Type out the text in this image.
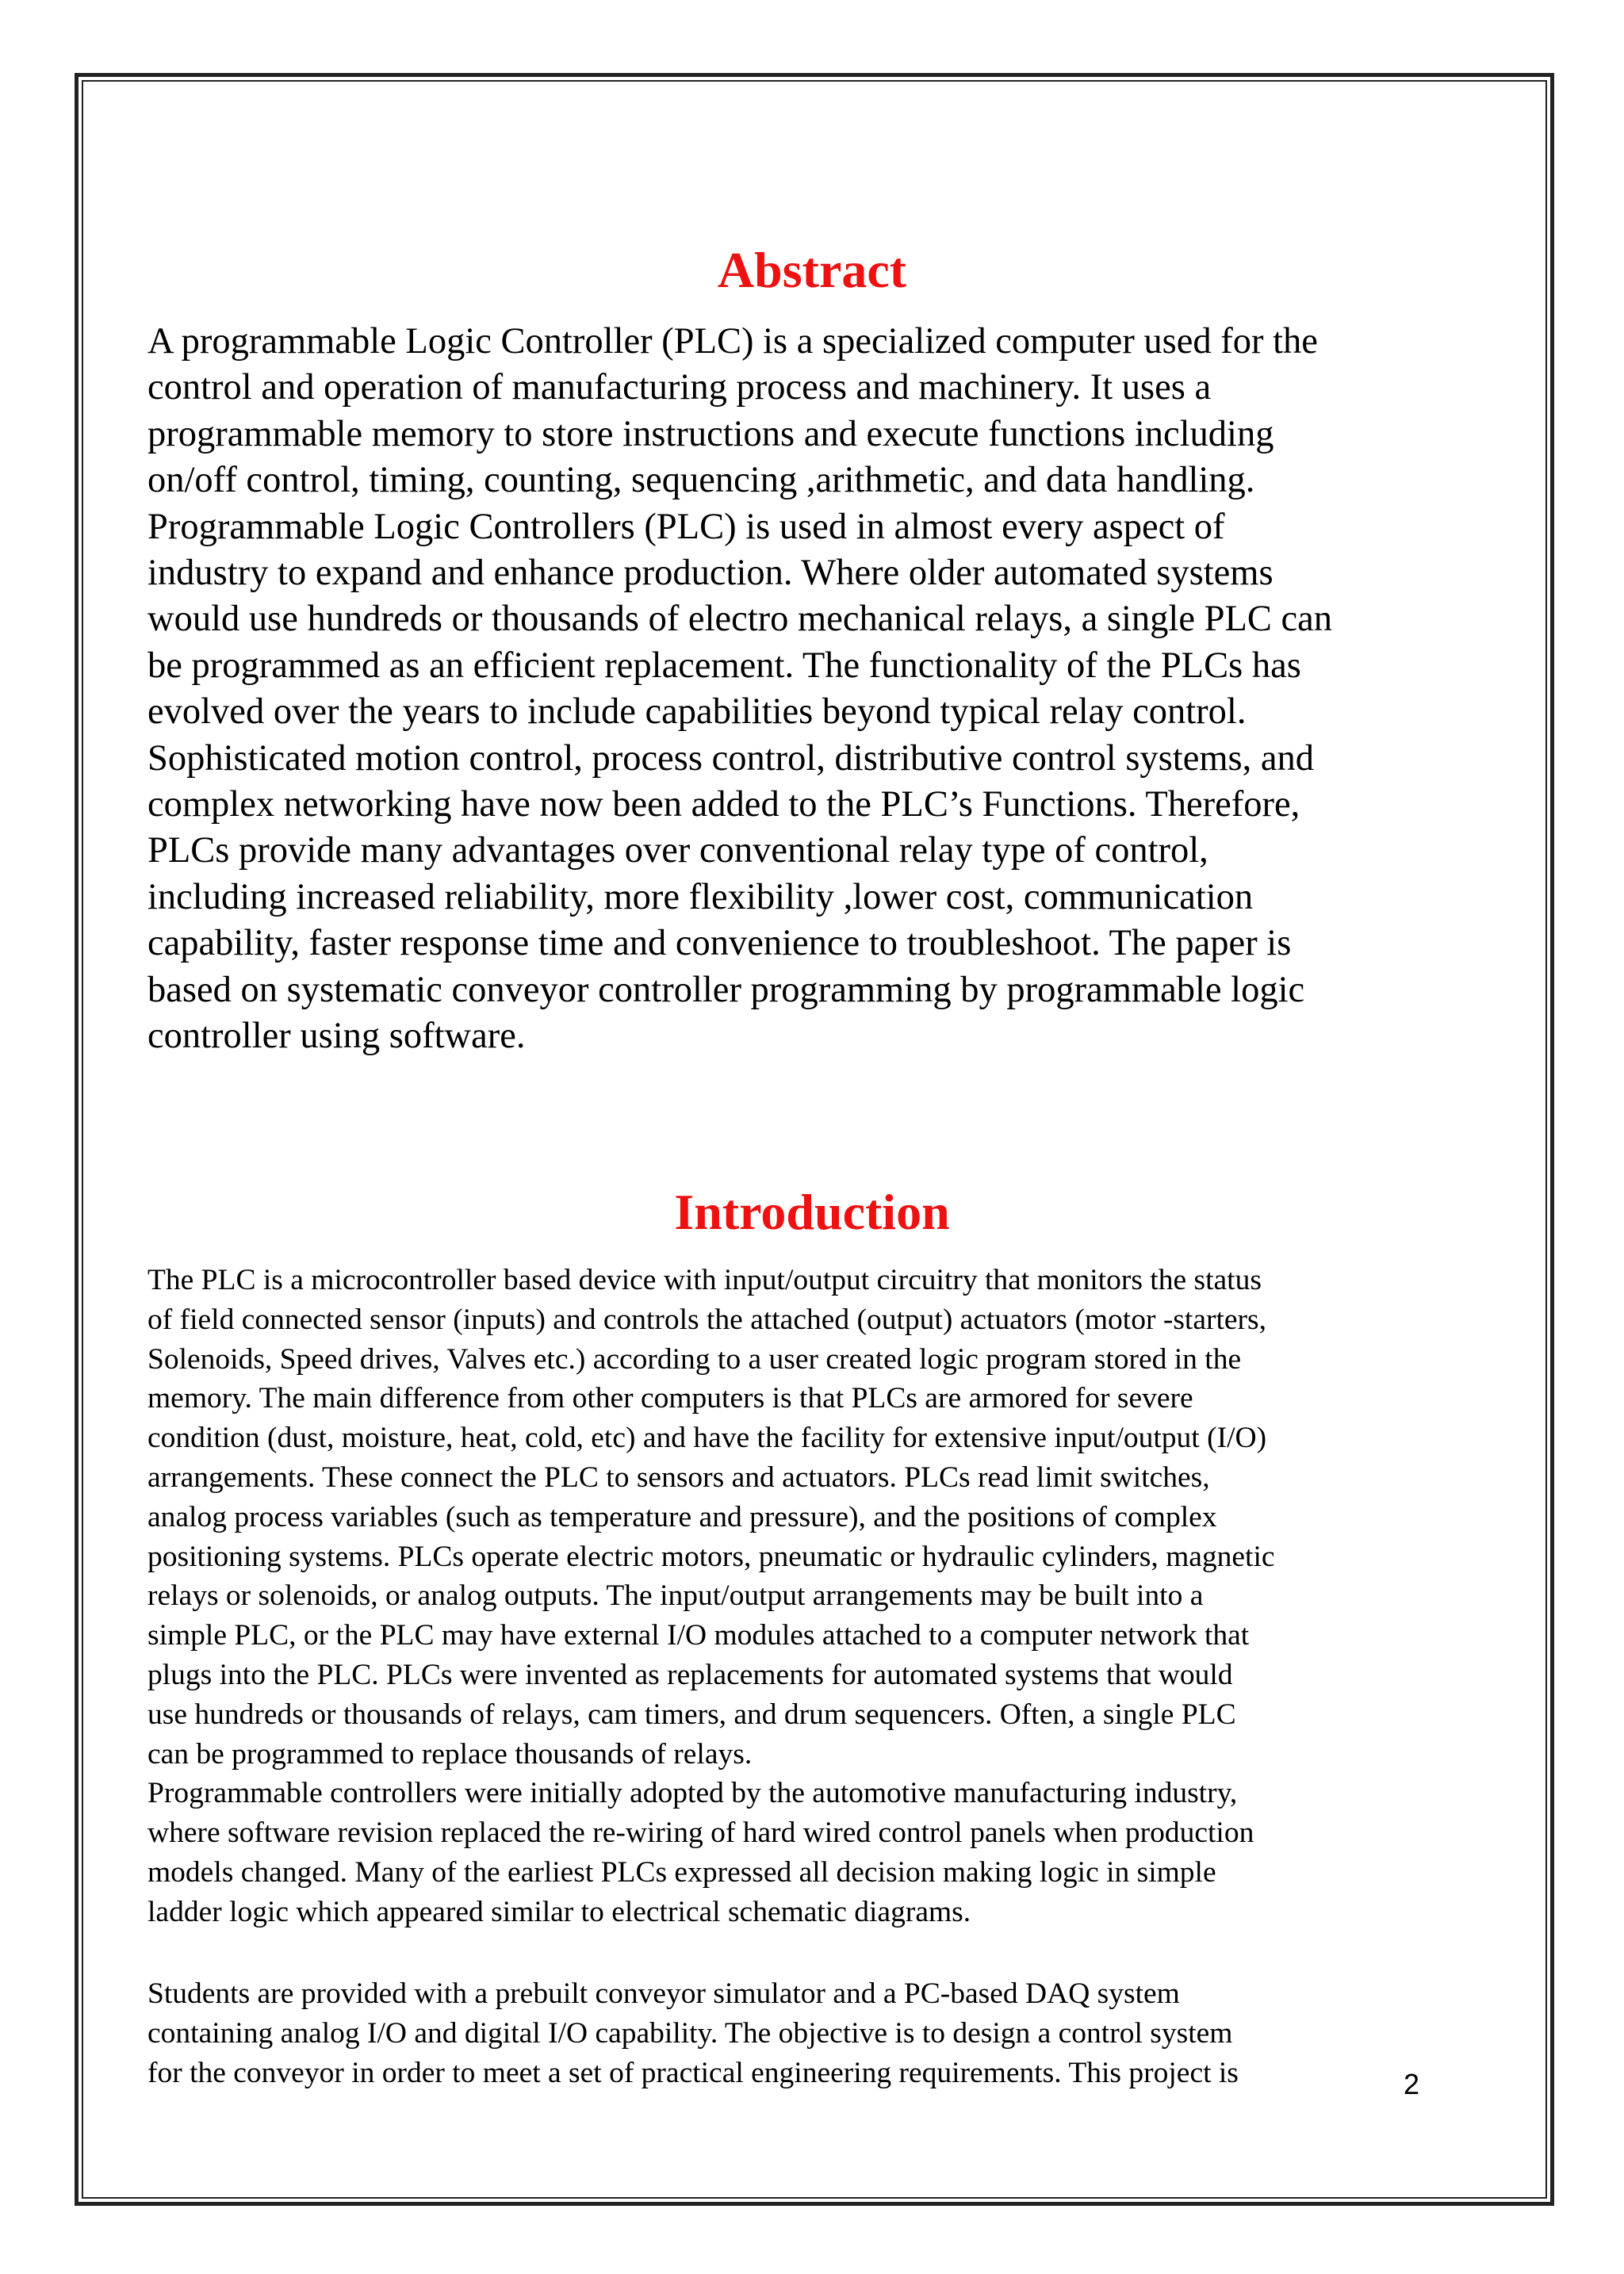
Abstract

A programmable Logic Controller (PLC) is a specialized computer used for the
control and operation of manufacturing process and machinery. It uses a
programmable memory to store instructions and execute functions including
on/off control, timing, counting, sequencing ,arithmetic, and data handling.
Programmable Logic Controllers (PLC) is used in almost every aspect of
industry to expand and enhance production. Where older automated systems
would use hundreds or thousands of electro mechanical relays, a single PLC can
be programmed as an efficient replacement. The functionality of the PLCs has
evolved over the years to include capabilities beyond typical relay control.
Sophisticated motion control, process control, distributive control systems, and
complex networking have now been added to the PLC’s Functions. Therefore,
PLCs provide many advantages over conventional relay type of control,
including increased reliability, more flexibility ,lower cost, communication
capability, faster response time and convenience to troubleshoot. The paper is
based on systematic conveyor controller programming by programmable logic
controller using software.

Introduction

The PLC is a microcontroller based device with input/output circuitry that monitors the status
of field connected sensor (inputs) and controls the attached (output) actuators (motor -starters,
Solenoids, Speed drives, Valves etc.) according to a user created logic program stored in the
memory. The main difference from other computers is that PLCs are armored for severe
condition (dust, moisture, heat, cold, etc) and have the facility for extensive input/output (I/O)
arrangements. These connect the PLC to sensors and actuators. PLCs read limit switches,
analog process variables (such as temperature and pressure), and the positions of complex
positioning systems. PLCs operate electric motors, pneumatic or hydraulic cylinders, magnetic
relays or solenoids, or analog outputs. The input/output arrangements may be built into a
simple PLC, or the PLC may have external I/O modules attached to a computer network that
plugs into the PLC. PLCs were invented as replacements for automated systems that would
use hundreds or thousands of relays, cam timers, and drum sequencers. Often, a single PLC
can be programmed to replace thousands of relays.
Programmable controllers were initially adopted by the automotive manufacturing industry,
where software revision replaced the re-wiring of hard wired control panels when production
models changed. Many of the earliest PLCs expressed all decision making logic in simple
ladder logic which appeared similar to electrical schematic diagrams.

Students are provided with a prebuilt conveyor simulator and a PC-based DAQ system
containing analog I/O and digital I/O capability. The objective is to design a control system
for the conveyor in order to meet a set of practical engineering requirements. This project is	2
